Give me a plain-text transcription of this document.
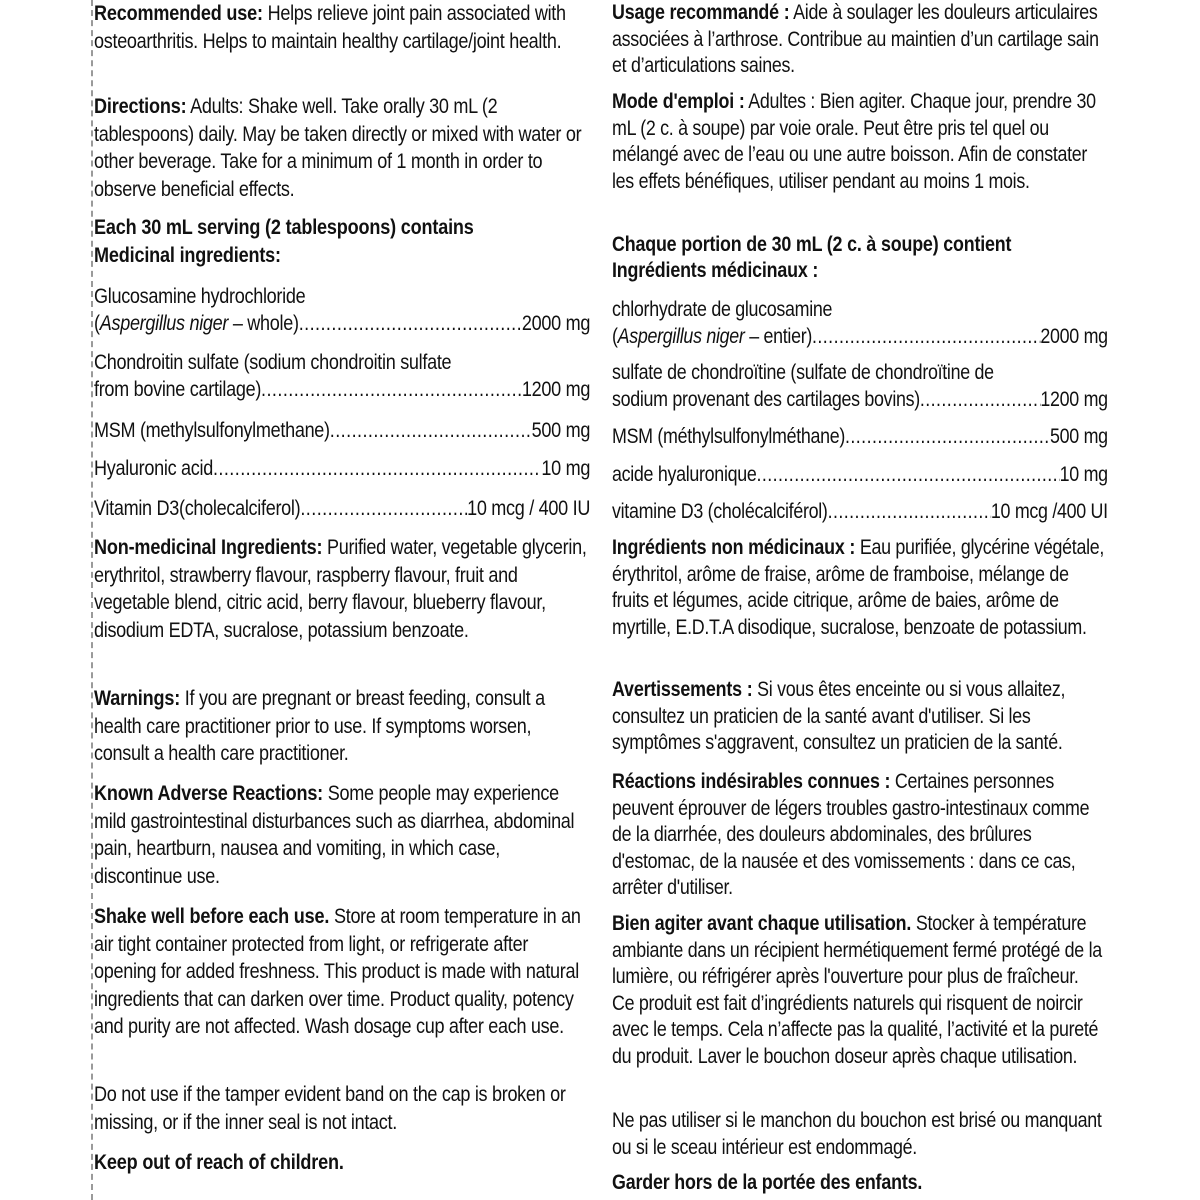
Recommended use: Helps relieve joint pain associated with osteoarthritis. Helps to maintain healthy cartilage/joint health.

Directions: Adults: Shake well. Take orally 30 mL (2 tablespoons) daily. May be taken directly or mixed with water or other beverage. Take for a minimum of 1 month in order to observe beneficial effects.

Each 30 mL serving (2 tablespoons) contains

Medicinal ingredients:

Glucosamine hydrochloride
(Aspergillus niger – whole) .....	2000 mg
Chondroitin sulfate (sodium chondroitin sulfate
from bovine cartilage) .....	1200 mg
MSM (methylsulfonylmethane) .....	500 mg
Hyaluronic acid .....	10 mg
Vitamin D3(cholecalciferol) .....	10 mcg / 400 IU

Non-medicinal Ingredients: Purified water, vegetable glycerin, erythritol, strawberry flavour, raspberry flavour, fruit and vegetable blend, citric acid, berry flavour, blueberry flavour, disodium EDTA, sucralose, potassium benzoate.

Warnings: If you are pregnant or breast feeding, consult a health care practitioner prior to use. If symptoms worsen, consult a health care practitioner.

Known Adverse Reactions: Some people may experience mild gastrointestinal disturbances such as diarrhea, abdominal pain, heartburn, nausea and vomiting, in which case, discontinue use.

Shake well before each use. Store at room temperature in an air tight container protected from light, or refrigerate after opening for added freshness. This product is made with natural ingredients that can darken over time. Product quality, potency and purity are not affected. Wash dosage cup after each use.

Do not use if the tamper evident band on the cap is broken or missing, or if the inner seal is not intact.

Keep out of reach of children.

Usage recommandé : Aide à soulager les douleurs articulaires associées à l’arthrose. Contribue au maintien d’un cartilage sain et d’articulations saines.

Mode d'emploi : Adultes : Bien agiter. Chaque jour, prendre 30 mL (2 c. à soupe) par voie orale. Peut être pris tel quel ou mélangé avec de l’eau ou une autre boisson. Afin de constater les effets bénéfiques, utiliser pendant au moins 1 mois.

Chaque portion de 30 mL (2 c. à soupe) contient

Ingrédients médicinaux :

chlorhydrate de glucosamine
(Aspergillus niger – entier) .....	2000 mg
sulfate de chondroïtine (sulfate de chondroïtine de
sodium provenant des cartilages bovins) .....	1200 mg
MSM (méthylsulfonylméthane) .....	500 mg
acide hyaluronique .....	10 mg
vitamine D3 (cholécalciférol) .....	10 mcg /400 UI

Ingrédients non médicinaux : Eau purifiée, glycérine végétale, érythritol, arôme de fraise, arôme de framboise, mélange de fruits et légumes, acide citrique, arôme de baies, arôme de myrtille, E.D.T.A disodique, sucralose, benzoate de potassium.

Avertissements : Si vous êtes enceinte ou si vous allaitez, consultez un praticien de la santé avant d'utiliser. Si les symptômes s'aggravent, consultez un praticien de la santé.

Réactions indésirables connues : Certaines personnes peuvent éprouver de légers troubles gastro-intestinaux comme de la diarrhée, des douleurs abdominales, des brûlures d'estomac, de la nausée et des vomissements : dans ce cas, arrêter d'utiliser.

Bien agiter avant chaque utilisation. Stocker à température ambiante dans un récipient hermétiquement fermé protégé de la lumière, ou réfrigérer après l'ouverture pour plus de fraîcheur. Ce produit est fait d’ingrédients naturels qui risquent de noircir avec le temps. Cela n’affecte pas la qualité, l’activité et la pureté du produit. Laver le bouchon doseur après chaque utilisation.

Ne pas utiliser si le manchon du bouchon est brisé ou manquant ou si le sceau intérieur est endommagé.

Garder hors de la portée des enfants.
